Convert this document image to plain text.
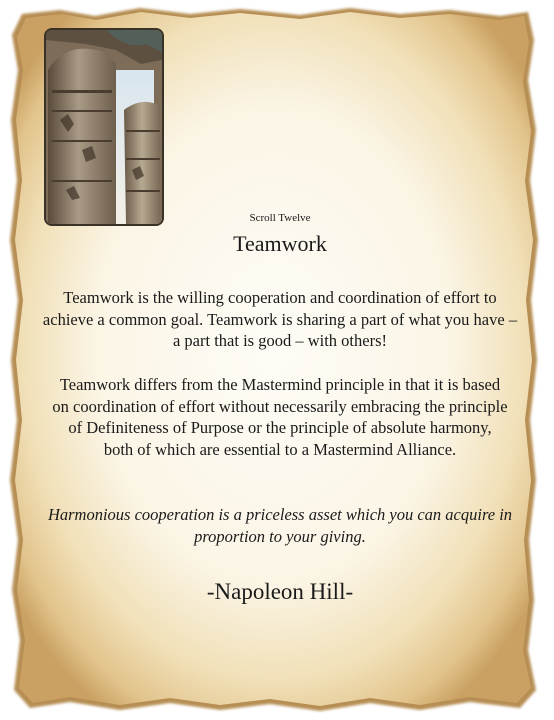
Scroll Twelve
Teamwork

Teamwork is the willing cooperation and coordination of effort to achieve a common goal. Teamwork is sharing a part of what you have – a part that is good – with others!

Teamwork differs from the Mastermind principle in that it is based on coordination of effort without necessarily embracing the principle of Definiteness of Purpose or the principle of absolute harmony, both of which are essential to a Mastermind Alliance.

Harmonious cooperation is a priceless asset which you can acquire in proportion to your giving.

-Napoleon Hill-
